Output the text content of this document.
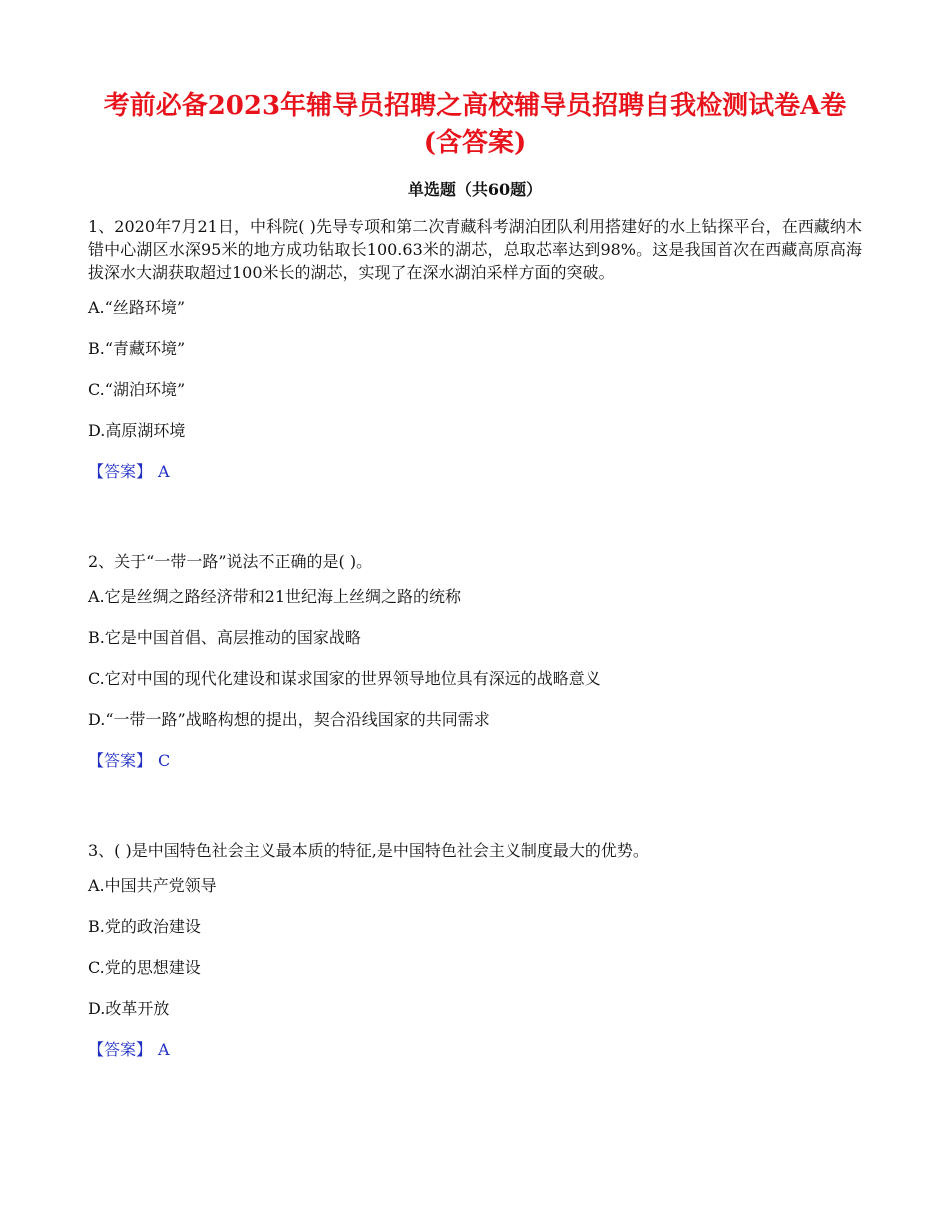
考前必备2023年辅导员招聘之高校辅导员招聘自我检测试卷A卷(含答案)
单选题（共60题）

1、2020年7月21日，中科院( )先导专项和第二次青藏科考湖泊团队利用搭建好的水上钻探平台，在西藏纳木错中心湖区水深95米的地方成功钻取长100.63米的湖芯，总取芯率达到98%。这是我国首次在西藏高原高海拔深水大湖获取超过100米长的湖芯，实现了在深水湖泊采样方面的突破。

A.“丝路环境”
B.“青藏环境”
C.“湖泊环境”
D.高原湖环境
【答案】 A

2、关于“一带一路”说法不正确的是( )。

A.它是丝绸之路经济带和21世纪海上丝绸之路的统称
B.它是中国首倡、高层推动的国家战略
C.它对中国的现代化建设和谋求国家的世界领导地位具有深远的战略意义
D.“一带一路”战略构想的提出，契合沿线国家的共同需求
【答案】 C

3、( )是中国特色社会主义最本质的特征,是中国特色社会主义制度最大的优势。

A.中国共产党领导
B.党的政治建设
C.党的思想建设
D.改革开放
【答案】 A
